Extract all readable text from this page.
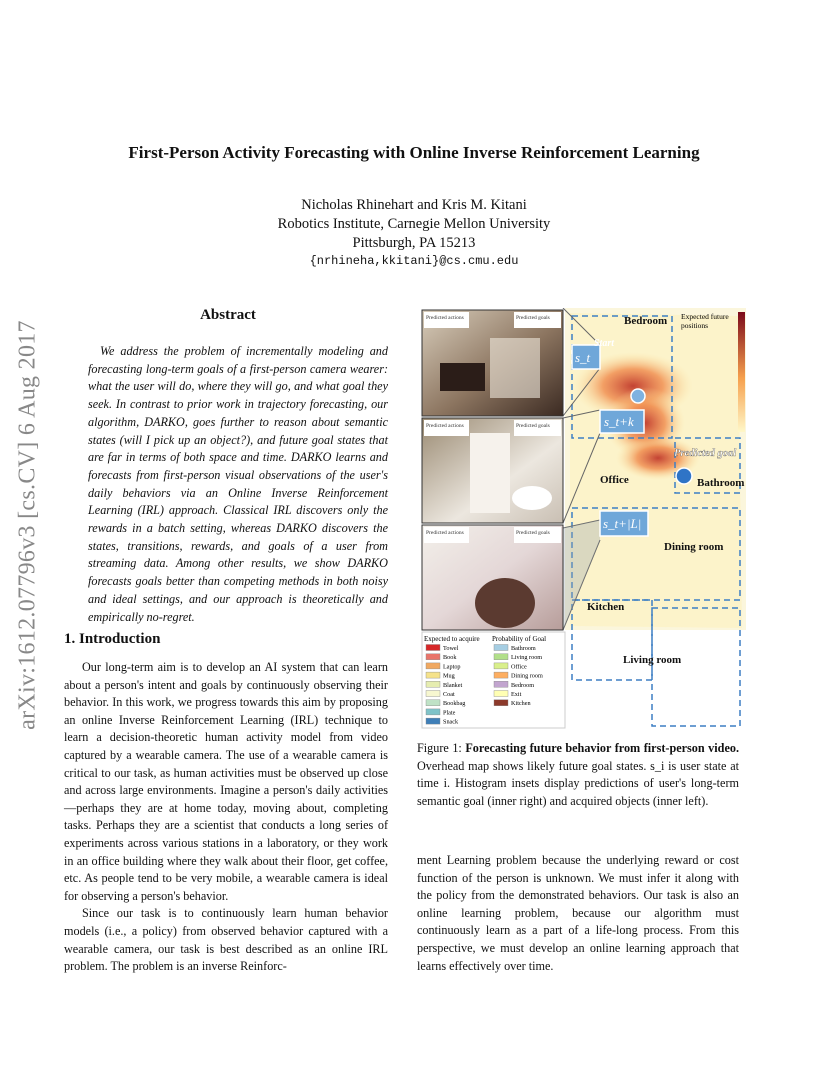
arXiv:1612.07796v3 [cs.CV] 6 Aug 2017
First-Person Activity Forecasting with Online Inverse Reinforcement Learning
Nicholas Rhinehart and Kris M. Kitani
Robotics Institute, Carnegie Mellon University
Pittsburgh, PA 15213
{nrhineha,kkitani}@cs.cmu.edu
Abstract
We address the problem of incrementally modeling and forecasting long-term goals of a first-person camera wearer: what the user will do, where they will go, and what goal they seek. In contrast to prior work in trajectory forecasting, our algorithm, DARKO, goes further to reason about semantic states (will I pick up an object?), and future goal states that are far in terms of both space and time. DARKO learns and forecasts from first-person visual observations of the user's daily behaviors via an Online Inverse Reinforcement Learning (IRL) approach. Classical IRL discovers only the rewards in a batch setting, whereas DARKO discovers the states, transitions, rewards, and goals of a user from streaming data. Among other results, we show DARKO forecasts goals better than competing methods in both noisy and ideal settings, and our approach is theoretically and empirically no-regret.
1. Introduction

Our long-term aim is to develop an AI system that can learn about a person's intent and goals by continuously observing their behavior. In this work, we progress towards this aim by proposing an online Inverse Reinforcement Learning (IRL) technique to learn a decision-theoretic human activity model from video captured by a wearable camera. The use of a wearable camera is critical to our task, as human activities must be observed up close and across large environments. Imagine a person's daily activities—perhaps they are at home today, moving about, completing tasks. Perhaps they are a scientist that conducts a long series of experiments across various stations in a laboratory, or they work in an office building where they walk about their floor, get coffee, etc. As people tend to be very mobile, a wearable camera is ideal for observing a person's behavior.

Since our task is to continuously learn human behavior models (i.e., a policy) from observed behavior captured with a wearable camera, our task is best described as an online IRL problem. The problem is an inverse Reinforc-

s_t
s_t+k
s_t+|L|
Bedroom
Office	Bathroom
Dining room
Kitchen
Living room
Start
Predicted goal
Expected future
positions
Predicted actions	Predicted goals
Predicted actions	Predicted goals
Predicted actions	Predicted goals
Expected to acquire Probability of Goal
Towel
Book
Laptop
Mug
Blanket
Coat
Bookbag
Plate
Snack
Bathroom
Living room
Office
Dining room
Bedroom
Exit
Kitchen
Figure 1: Forecasting future behavior from first-person video. Overhead map shows likely future goal states. s_i is user state at time i. Histogram insets display predictions of user's long-term semantic goal (inner right) and acquired objects (inner left).
ment Learning problem because the underlying reward or cost function of the person is unknown. We must infer it along with the policy from the demonstrated behaviors. Our task is also an online learning problem, because our algorithm must continuously learn as a part of a life-long process. From this perspective, we must develop an online learning approach that learns effectively over time.
